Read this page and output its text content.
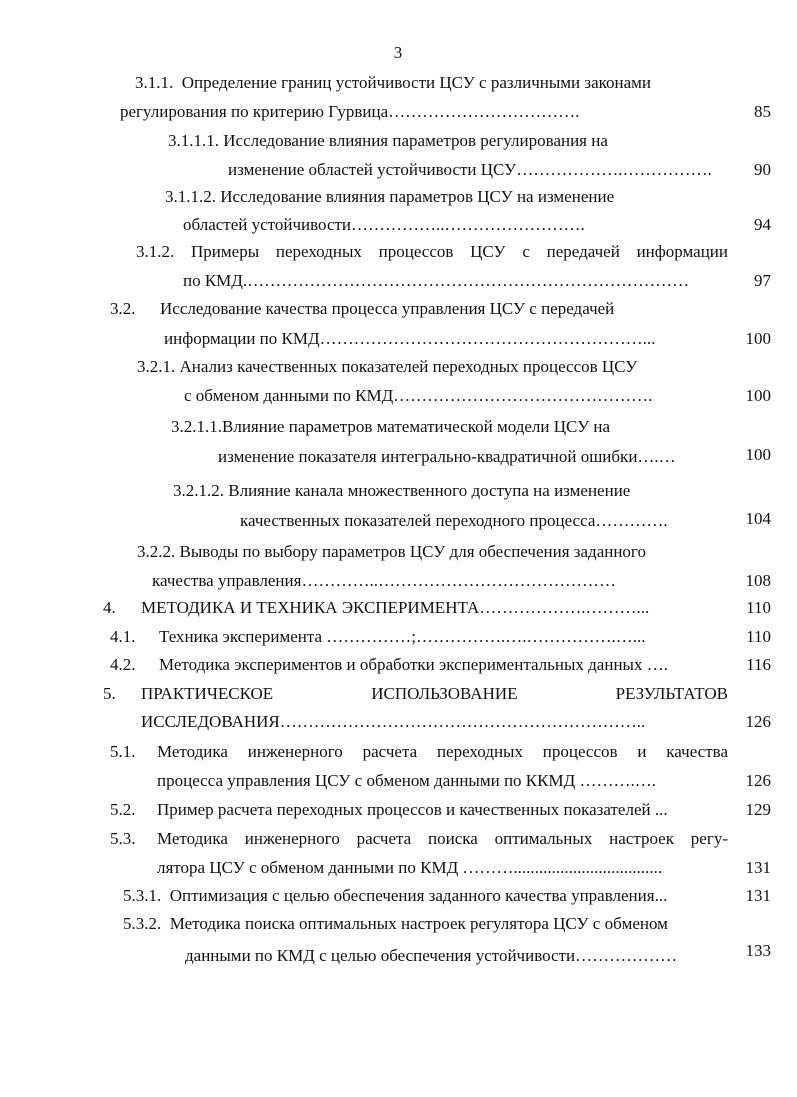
3
3.1.1. Определение границ устойчивости ЦСУ с различными законами
регулирования по критерию Гурвица…………………………….	85
3.1.1.1. Исследование влияния параметров регулирования на
изменение областей устойчивости ЦСУ……………….…………….	90
3.1.1.2. Исследование влияния параметров ЦСУ на изменение
областей устойчивости……………..…………………….	94
3.1.2. Примеры переходных процессов ЦСУ с передачей информации
по КМД.……………………………………………………………………	97
3.2. Исследование качества процесса управления ЦСУ с передачей
информации по КМД…………………………………………………...	100
3.2.1. Анализ качественных показателей переходных процессов ЦСУ
с обменом данными по КМД……………………………………….	100
3.2.1.1.Влияние параметров математической модели ЦСУ на
изменение показателя интегрально-квадратичной ошибки….…	100
3.2.1.2. Влияние канала множественного доступа на изменение
качественных показателей переходного процесса………….	104
3.2.2. Выводы по выбору параметров ЦСУ для обеспечения заданного
качества управления…………..……………………………………	108
4. МЕТОДИКА И ТЕХНИКА ЭКСПЕРИМЕНТА……………….………...	110
4.1. Техника эксперимента ……………;…………….….…………….…...	110
4.2. Методика экспериментов и обработки экспериментальных данных ….	116
5. ПРАКТИЧЕСКОЕ ИСПОЛЬЗОВАНИЕ РЕЗУЛЬТАТОВ
ИССЛЕДОВАНИЯ………………………………………………………..	126
5.1. Методика инженерного расчета переходных процессов и качества
процесса управления ЦСУ с обменом данными по ККМД ……….….	126
5.2. Пример расчета переходных процессов и качественных показателей ...	129
5.3. Методика инженерного расчета поиска оптимальных настроек регу-
лятора ЦСУ с обменом данными по КМД ………...................................	131
5.3.1. Оптимизация с целью обеспечения заданного качества управления...	131
5.3.2. Методика поиска оптимальных настроек регулятора ЦСУ с обменом
данными по КМД с целью обеспечения устойчивости………………	133
